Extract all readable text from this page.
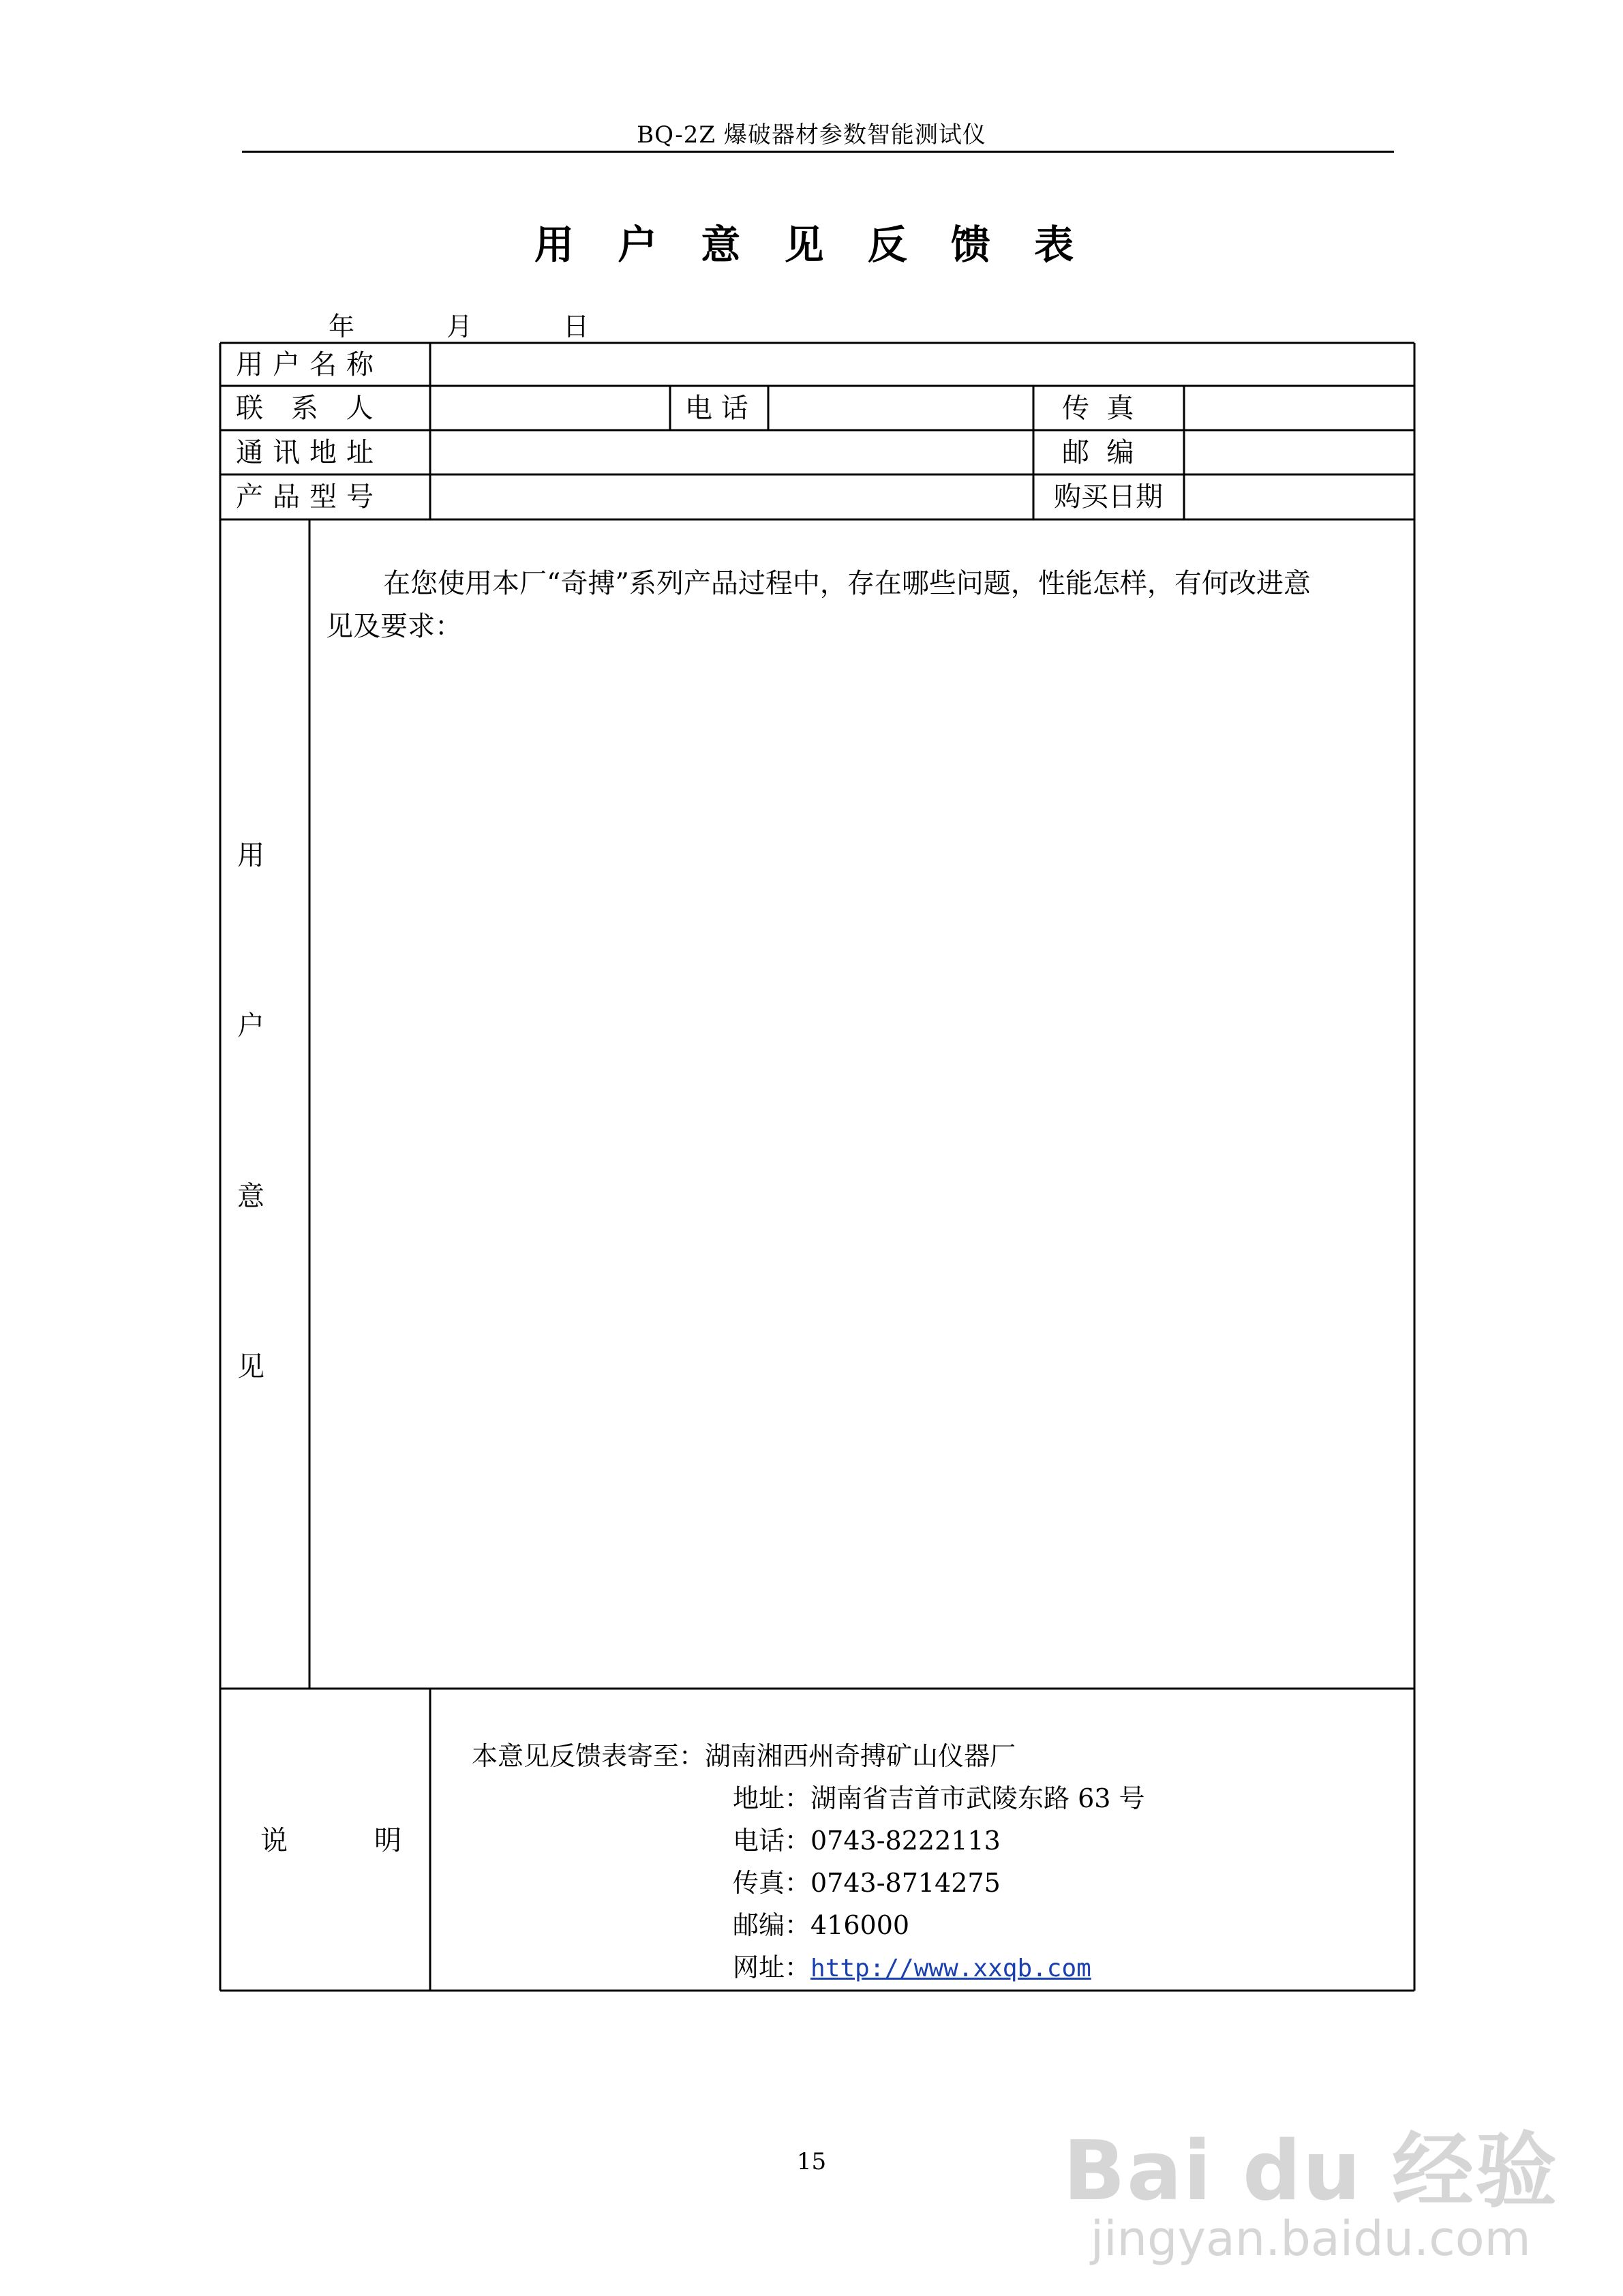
BQ-2Z 爆破器材参数智能测试仪
用 户 意 见 反 馈 表
年	月	日
用户名称
联 系 人	电 话	传  真
通讯地址	邮  编
产品型号	购买日期
用
户
意
见
在您使用本厂“奇搏”系列产品过程中，存在哪些问题，性能怎样，有何改进意
见及要求：
说	明
本意见反馈表寄至：湖南湘西州奇搏矿山仪器厂
地址：湖南省吉首市武陵东路 63 号
电话：0743-8222113
传真：0743-8714275
邮编：416000
网址：http://www.xxqb.com
15	Bai du 经验
jingyan.baidu.com
